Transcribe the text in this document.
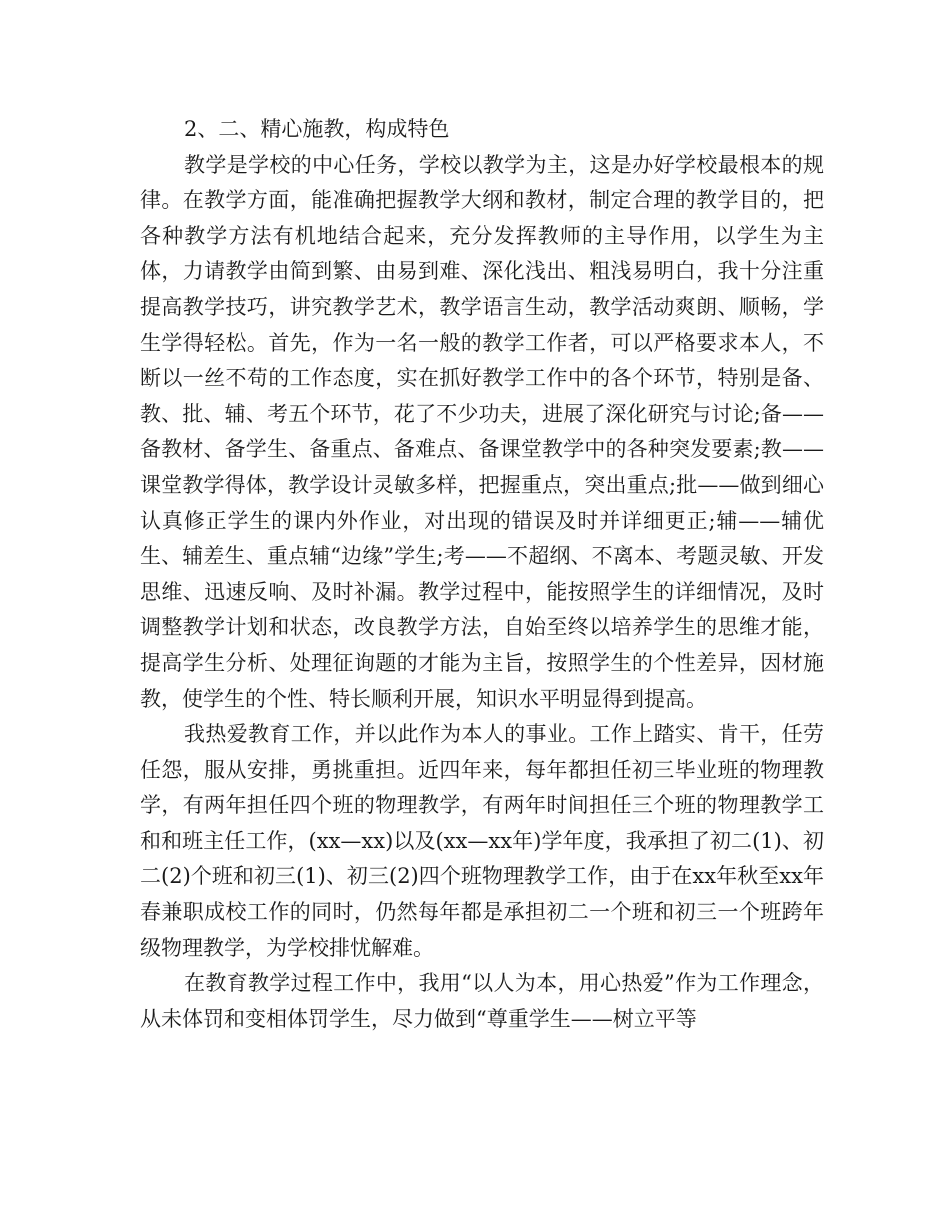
2、二、精心施教，构成特色

教学是学校的中心任务，学校以教学为主，这是办好学校最根本的规律。在教学方面，能准确把握教学大纲和教材，制定合理的教学目的，把各种教学方法有机地结合起来，充分发挥教师的主导作用，以学生为主体，力请教学由简到繁、由易到难、深化浅出、粗浅易明白，我十分注重提高教学技巧，讲究教学艺术，教学语言生动，教学活动爽朗、顺畅，学生学得轻松。首先，作为一名一般的教学工作者，可以严格要求本人，不断以一丝不苟的工作态度，实在抓好教学工作中的各个环节，特别是备、教、批、辅、考五个环节，花了不少功夫，进展了深化研究与讨论;备——备教材、备学生、备重点、备难点、备课堂教学中的各种突发要素;教——课堂教学得体，教学设计灵敏多样，把握重点，突出重点;批——做到细心认真修正学生的课内外作业，对出现的错误及时并详细更正;辅——辅优生、辅差生、重点辅“边缘”学生;考——不超纲、不离本、考题灵敏、开发思维、迅速反响、及时补漏。教学过程中，能按照学生的详细情况，及时调整教学计划和状态，改良教学方法，自始至终以培养学生的思维才能，提高学生分析、处理征询题的才能为主旨，按照学生的个性差异，因材施教，使学生的个性、特长顺利开展，知识水平明显得到提高。

我热爱教育工作，并以此作为本人的事业。工作上踏实、肯干，任劳任怨，服从安排，勇挑重担。近四年来，每年都担任初三毕业班的物理教学，有两年担任四个班的物理教学，有两年时间担任三个班的物理教学工和和班主任工作，(xx—xx)以及(xx—xx年)学年度，我承担了初二(1)、初二(2)个班和初三(1)、初三(2)四个班物理教学工作，由于在xx年秋至xx年春兼职成校工作的同时，仍然每年都是承担初二一个班和初三一个班跨年级物理教学，为学校排忧解难。

在教育教学过程工作中，我用“以人为本，用心热爱”作为工作理念，从未体罚和变相体罚学生，尽力做到“尊重学生——树立平等
